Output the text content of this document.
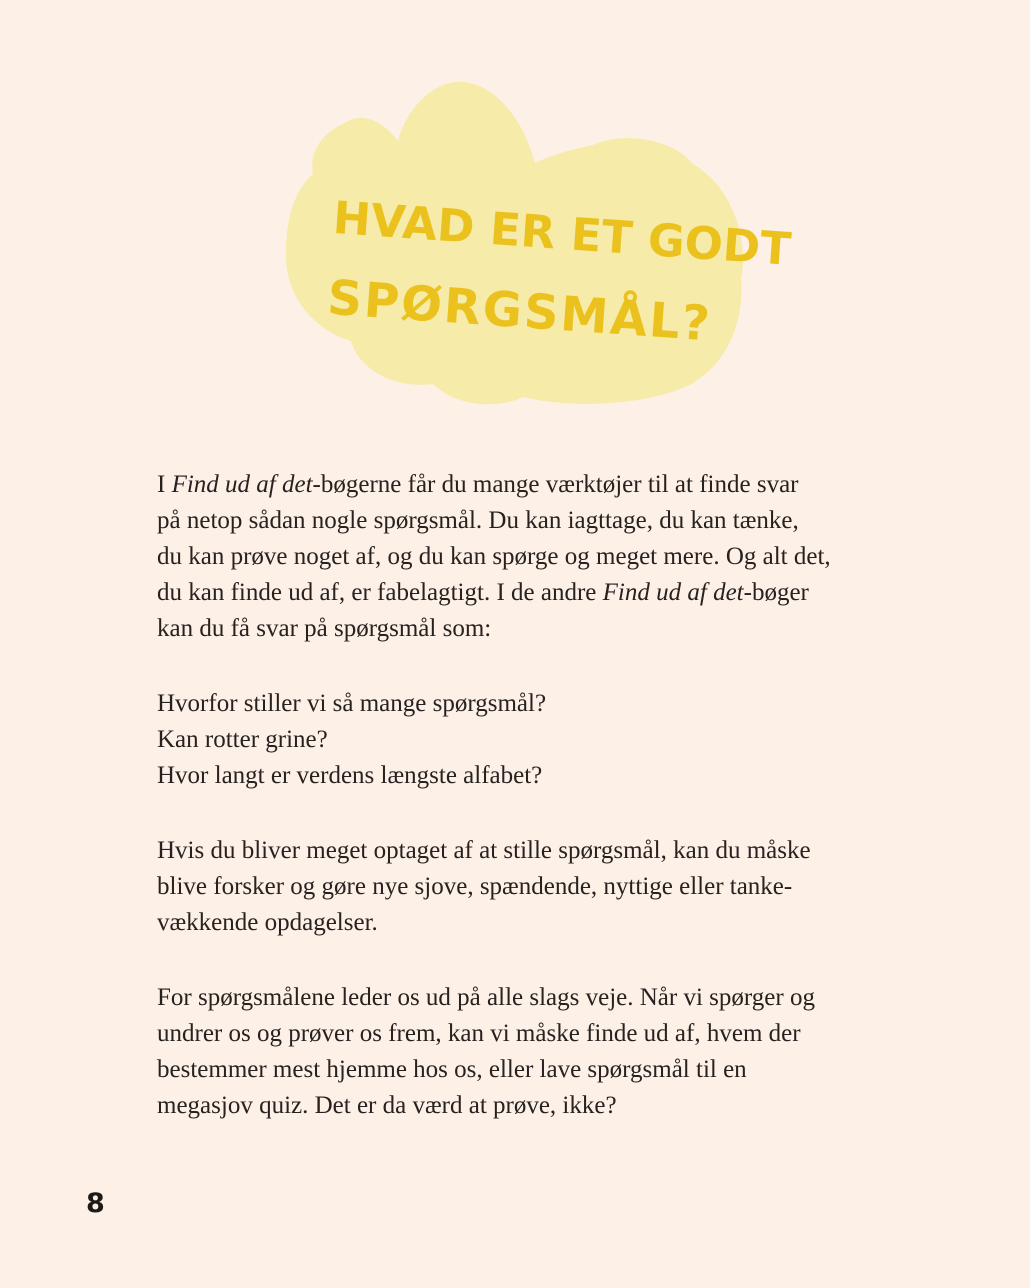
HVAD ER ET GODT
SPØRGSMÅL?
I Find ud af det-bøgerne får du mange værktøjer til at finde svar
på netop sådan nogle spørgsmål. Du kan iagttage, du kan tænke,
du kan prøve noget af, og du kan spørge og meget mere. Og alt det,
du kan finde ud af, er fabelagtigt. I de andre Find ud af det-bøger
kan du få svar på spørgsmål som:
Hvorfor stiller vi så mange spørgsmål?
Kan rotter grine?
Hvor langt er verdens længste alfabet?
Hvis du bliver meget optaget af at stille spørgsmål, kan du måske
blive forsker og gøre nye sjove, spændende, nyttige eller tanke-
vækkende opdagelser.
For spørgsmålene leder os ud på alle slags veje. Når vi spørger og
undrer os og prøver os frem, kan vi måske finde ud af, hvem der
bestemmer mest hjemme hos os, eller lave spørgsmål til en
megasjov quiz. Det er da værd at prøve, ikke?
8
